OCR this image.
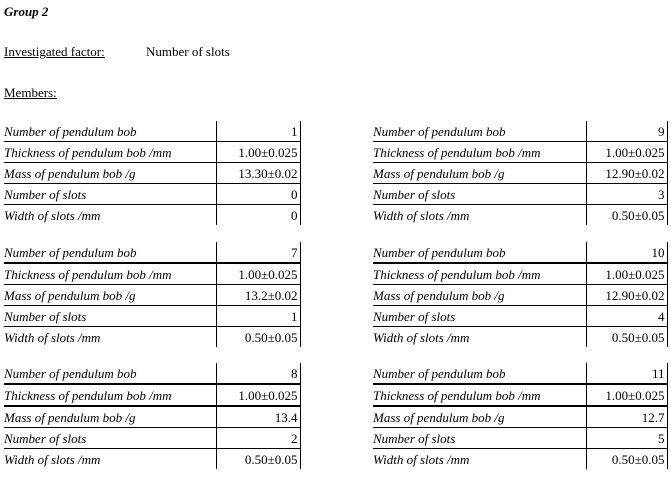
Group 2
Investigated factor:	Number of slots
Members:
Number of pendulum bob	1
Thickness of pendulum bob /mm	1.00±0.025
Mass of pendulum bob /g	13.30±0.02
Number of slots	0
Width of slots /mm	0
Number of pendulum bob	9
Thickness of pendulum bob /mm	1.00±0.025
Mass of pendulum bob /g	12.90±0.02
Number of slots	3
Width of slots /mm	0.50±0.05
Number of pendulum bob	7
Thickness of pendulum bob /mm	1.00±0.025
Mass of pendulum bob /g	13.2±0.02
Number of slots	1
Width of slots /mm	0.50±0.05
Number of pendulum bob	10
Thickness of pendulum bob /mm	1.00±0.025
Mass of pendulum bob /g	12.90±0.02
Number of slots	4
Width of slots /mm	0.50±0.05
Number of pendulum bob	8
Thickness of pendulum bob /mm	1.00±0.025
Mass of pendulum bob /g	13.4
Number of slots	2
Width of slots /mm	0.50±0.05
Number of pendulum bob	11
Thickness of pendulum bob /mm	1.00±0.025
Mass of pendulum bob /g	12.7
Number of slots	5
Width of slots /mm	0.50±0.05
